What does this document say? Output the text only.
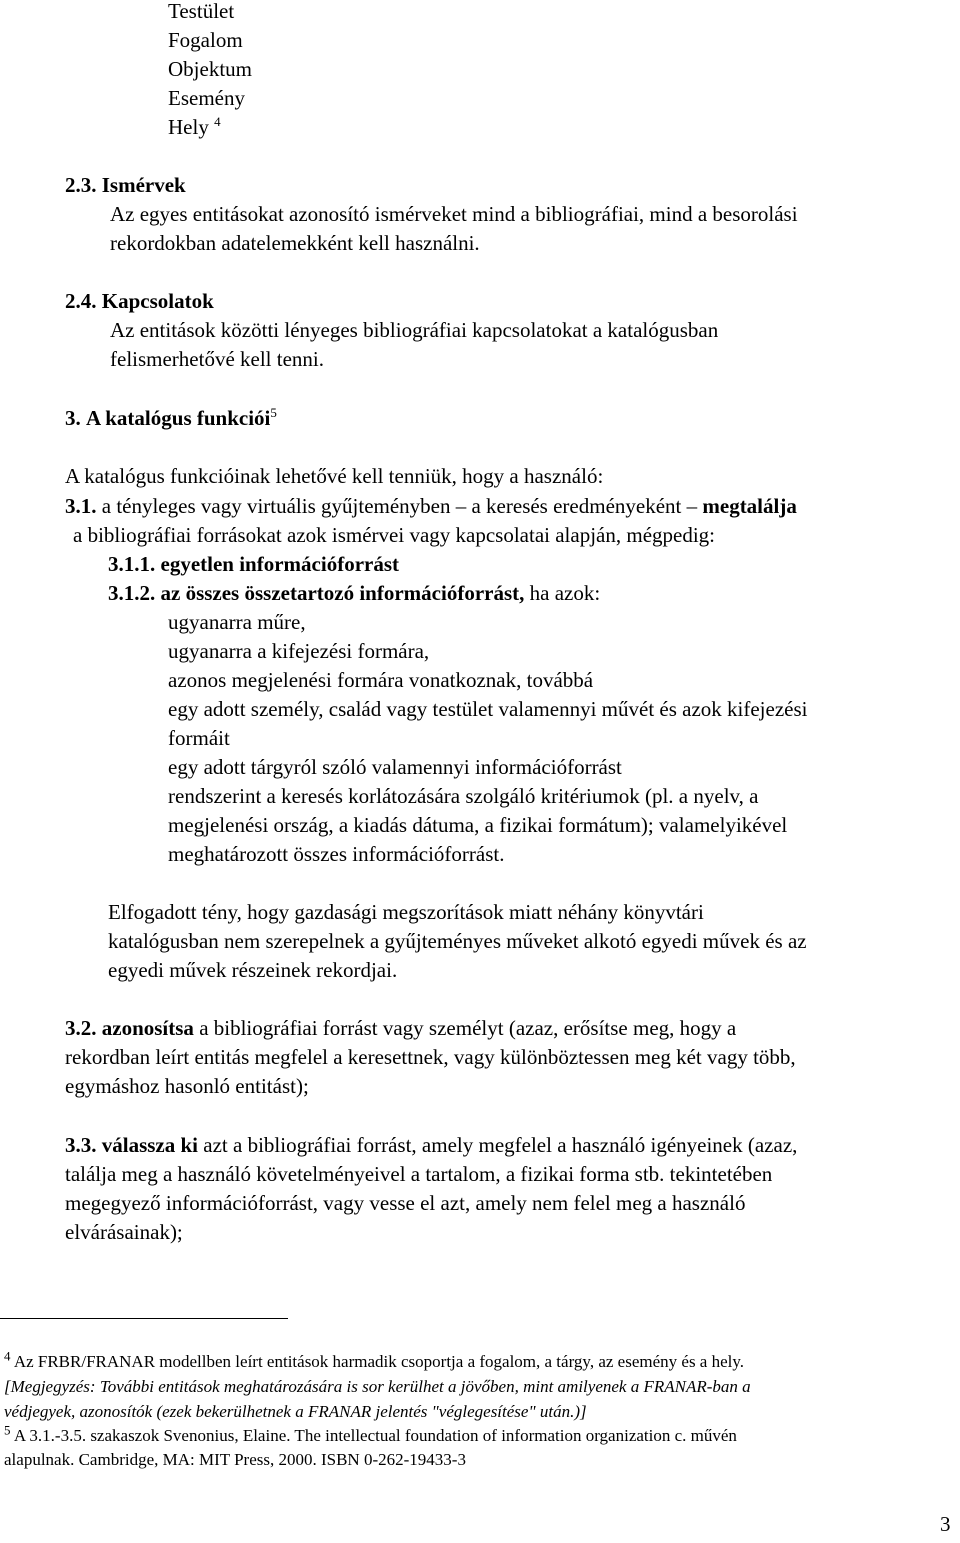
Testület
Fogalom
Objektum
Esemény
Hely $^4$
2.3. Ismérvek
Az egyes entitásokat azonosító ismérveket mind a bibliográfiai, mind a besorolási
rekordokban adatelemekként kell használni.
2.4. Kapcsolatok
Az entitások közötti lényeges bibliográfiai kapcsolatokat a katalógusban
felismerhetővé kell tenni.
3. A katalógus funkciói$^5$
A katalógus funkcióinak lehetővé kell tenniük, hogy a használó:
3.1. a tényleges vagy virtuális gyűjteményben – a keresés eredményeként – megtalálja
a bibliográfiai forrásokat azok ismérvei vagy kapcsolatai alapján, mégpedig:
3.1.1. egyetlen információforrást
3.1.2. az összes összetartozó információforrást, ha azok:
ugyanarra műre,
ugyanarra a kifejezési formára,
azonos megjelenési formára vonatkoznak, továbbá
egy adott személy, család vagy testület valamennyi művét és azok kifejezési
formáit
egy adott tárgyról szóló valamennyi információforrást
rendszerint a keresés korlátozására szolgáló kritériumok (pl. a nyelv, a
megjelenési ország, a kiadás dátuma, a fizikai formátum); valamelyikével
meghatározott összes információforrást.
Elfogadott tény, hogy gazdasági megszorítások miatt néhány könyvtári
katalógusban nem szerepelnek a gyűjteményes műveket alkotó egyedi művek és az
egyedi művek részeinek rekordjai.
3.2. azonosítsa a bibliográfiai forrást vagy személyt (azaz, erősítse meg, hogy a
rekordban leírt entitás megfelel a keresettnek, vagy különböztessen meg két vagy több,
egymáshoz hasonló entitást);
3.3. válassza ki azt a bibliográfiai forrást, amely megfelel a használó igényeinek (azaz,
találja meg a használó követelményeivel a tartalom, a fizikai forma stb. tekintetében
megegyező információforrást, vagy vesse el azt, amely nem felel meg a használó
elvárásainak);
$^4$ Az FRBR/FRANAR modellben leírt entitások harmadik csoportja a fogalom, a tárgy, az esemény és a hely.
[Megjegyzés: További entitások meghatározására is sor kerülhet a jövőben, mint amilyenek a FRANAR-ban a
védjegyek, azonosítók (ezek bekerülhetnek a FRANAR jelentés "véglegesítése" után.)]
$^5$ A 3.1.-3.5. szakaszok Svenonius, Elaine. The intellectual foundation of information organization c. művén
alapulnak. Cambridge, MA: MIT Press, 2000. ISBN 0-262-19433-3
3
